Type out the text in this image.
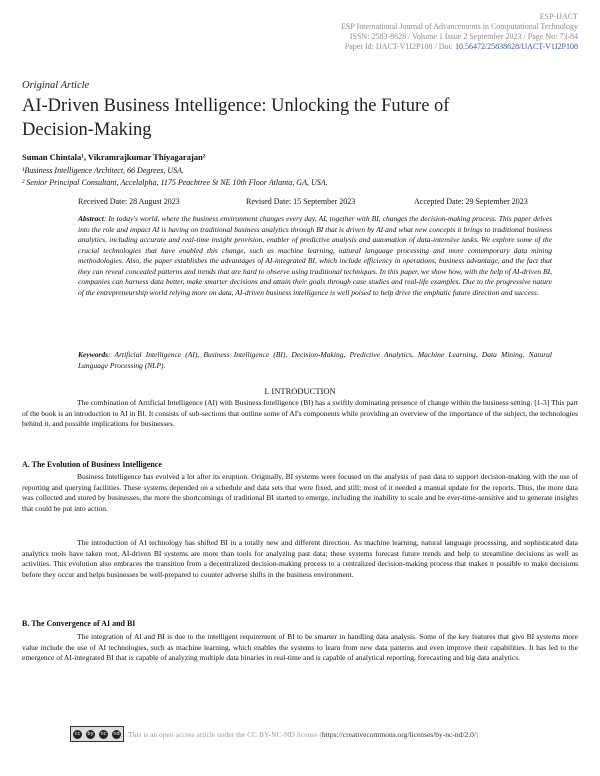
ESP-IJACT
ESP International Journal of Advancements in Computational Technology
ISSN: 2583-8628 / Volume 1 Issue 2 September 2023 / Page No: 73-84
Paper Id: IJACT-V1I2P108 / Doi: 10.56472/25838628/IJACT-V1I2P108
Original Article
AI-Driven Business Intelligence: Unlocking the Future of Decision-Making
Suman Chintala¹, Vikramrajkumar Thiyagarajan²
¹Business Intelligence Architect, 66 Degrees, USA.
² Senior Principal Consultant, Accelalpha, 1175 Peachtree St NE 10th Floor Atlanta, GA, USA.
Received Date: 28 August 2023	Revised Date: 15 September 2023	Accepted Date: 29 September 2023
Abstract: In today's world, where the business environment changes every day, AI, together with BI, changes the decision-making process. This paper delves into the role and impact AI is having on traditional business analytics through BI that is driven by AI and what new concepts it brings to traditional business analytics, including accurate and real-time insight provision, enabler of predictive analysis and automation of data-intensive tasks. We explore some of the crucial technologies that have enabled this change, such as machine learning, natural language processing and more contemporary data mining methodologies. Also, the paper establishes the advantages of AI-integrated BI, which include efficiency in operations, business advantage, and the fact that they can reveal concealed patterns and trends that are hard to observe using traditional techniques. In this paper, we show how, with the help of AI-driven BI, companies can harness data better, make smarter decisions and attain their goals through case studies and real-life examples. Due to the progressive nature of the entrepreneurship world relying more on data, AI-driven business intelligence is well poised to help drive the emphatic future direction and success.
Keywords: Artificial Intelligence (AI), Business Intelligence (BI), Decision-Making, Predictive Analytics, Machine Learning, Data Mining, Natural Language Processing (NLP).
I. INTRODUCTION
The combination of Artificial Intelligence (AI) with Business Intelligence (BI) has a swiftly dominating presence of change within the business setting. [1-3] This part of the book is an introduction to AI in BI. It consists of sub-sections that outline some of AI's components while providing an overview of the importance of the subject, the technologies behind it, and possible implications for businesses.
A. The Evolution of Business Intelligence
Business Intelligence has evolved a lot after its eruption. Originally, BI systems were focused on the analysis of past data to support decision-making with the use of reporting and querying facilities. These systems depended on a schedule and data sets that were fixed, and still; most of it needed a manual update for the reports. Thus, the more data was collected and stored by businesses, the more the shortcomings of traditional BI started to emerge, including the inability to scale and be ever-time-sensitive and to generate insights that could be put into action.
The introduction of AI technology has shifted BI in a totally new and different direction. As machine learning, natural language processing, and sophisticated data analytics tools have taken root, AI-driven BI systems are more than tools for analyzing past data; these systems forecast future trends and help to streamline decisions as well as activities. This evolution also embraces the transition from a decentralized decision-making process to a centralized decision-making process that makes it possible to make decisions before they occur and helps businesses be well-prepared to counter adverse shifts in the business environment.
B. The Convergence of AI and BI
The integration of AI and BI is due to the intelligent requirement of BI to be smarter in handling data analysis. Some of the key features that give BI systems more value include the use of AI technologies, such as machine learning, which enables the systems to learn from new data patterns and even improve their capabilities. It has led to the emergence of AI-integrated BI that is capable of analyzing multiple data binaries in real-time and is capable of analytical reporting, forecasting and big data analytics.
cc	by	nc	nd This is an open access article under the CC BY-NC-ND license ( https://creativecommons.org/licenses/by-nc-nd/2.0/ )
